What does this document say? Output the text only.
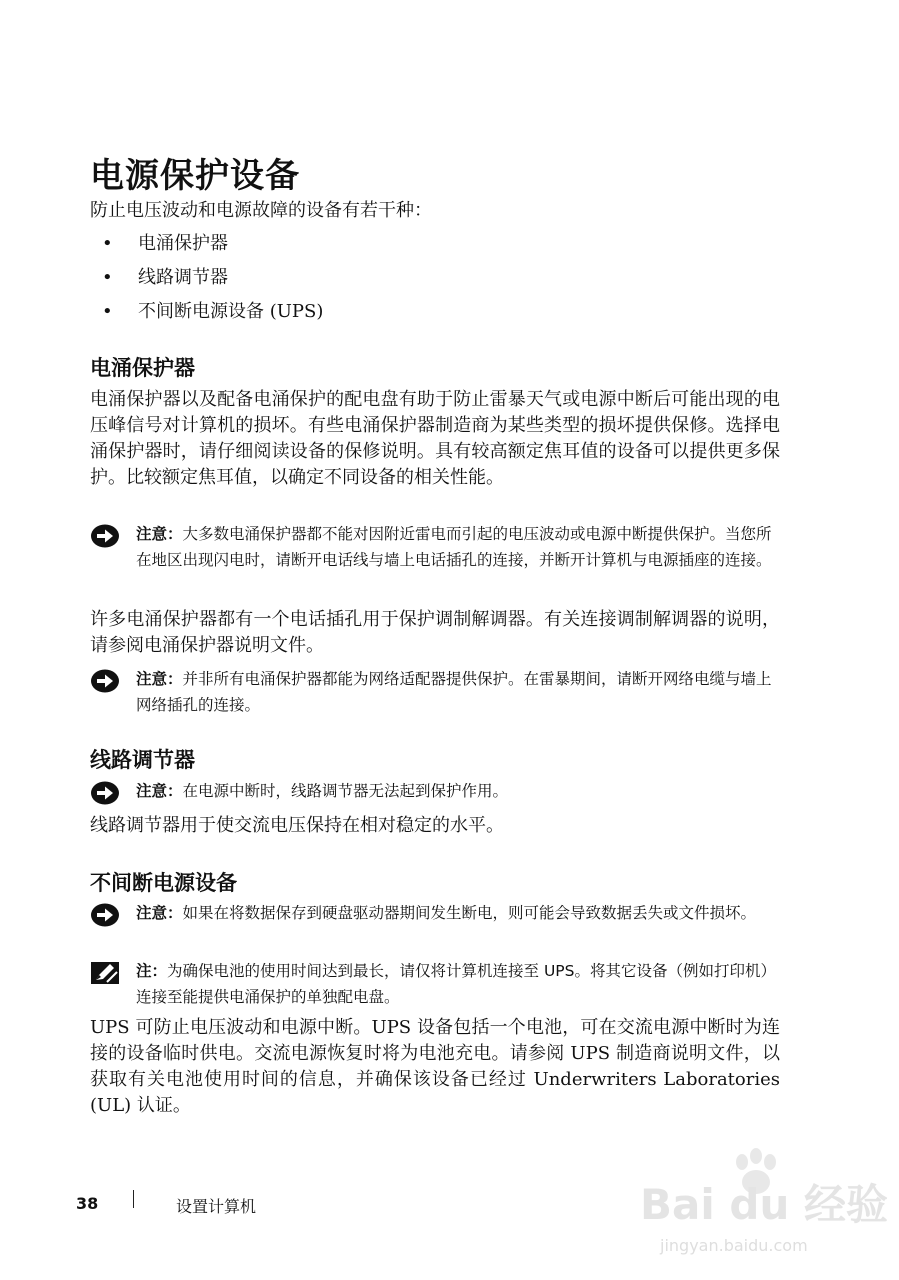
电源保护设备

防止电压波动和电源故障的设备有若干种：

• 电涌保护器
• 线路调节器
• 不间断电源设备 (UPS)
电涌保护器

电涌保护器以及配备电涌保护的配电盘有助于防止雷暴天气或电源中断后可能出现的电压峰信号对计算机的损坏。有些电涌保护器制造商为某些类型的损坏提供保修。选择电涌保护器时，请仔细阅读设备的保修说明。具有较高额定焦耳值的设备可以提供更多保护。比较额定焦耳值，以确定不同设备的相关性能。

注意：大多数电涌保护器都不能对因附近雷电而引起的电压波动或电源中断提供保护。当您所在地区出现闪电时，请断开电话线与墙上电话插孔的连接，并断开计算机与电源插座的连接。

许多电涌保护器都有一个电话插孔用于保护调制解调器。有关连接调制解调器的说明，请参阅电涌保护器说明文件。

注意：并非所有电涌保护器都能为网络适配器提供保护。在雷暴期间，请断开网络电缆与墙上网络插孔的连接。
线路调节器
注意：在电源中断时，线路调节器无法起到保护作用。

线路调节器用于使交流电压保持在相对稳定的水平。

不间断电源设备
注意：如果在将数据保存到硬盘驱动器期间发生断电，则可能会导致数据丢失或文件损坏。
注：为确保电池的使用时间达到最长，请仅将计算机连接至 UPS。将其它设备（例如打印机）连接至能提供电涌保护的单独配电盘。

UPS 可防止电压波动和电源中断。UPS 设备包括一个电池，可在交流电源中断时为连接的设备临时供电。交流电源恢复时将为电池充电。请参阅 UPS 制造商说明文件，以获取有关电池使用时间的信息，并确保该设备已经过 Underwriters Laboratories (UL) 认证。

38	设置计算机	Bai du 经验
jingyan.baidu.com
